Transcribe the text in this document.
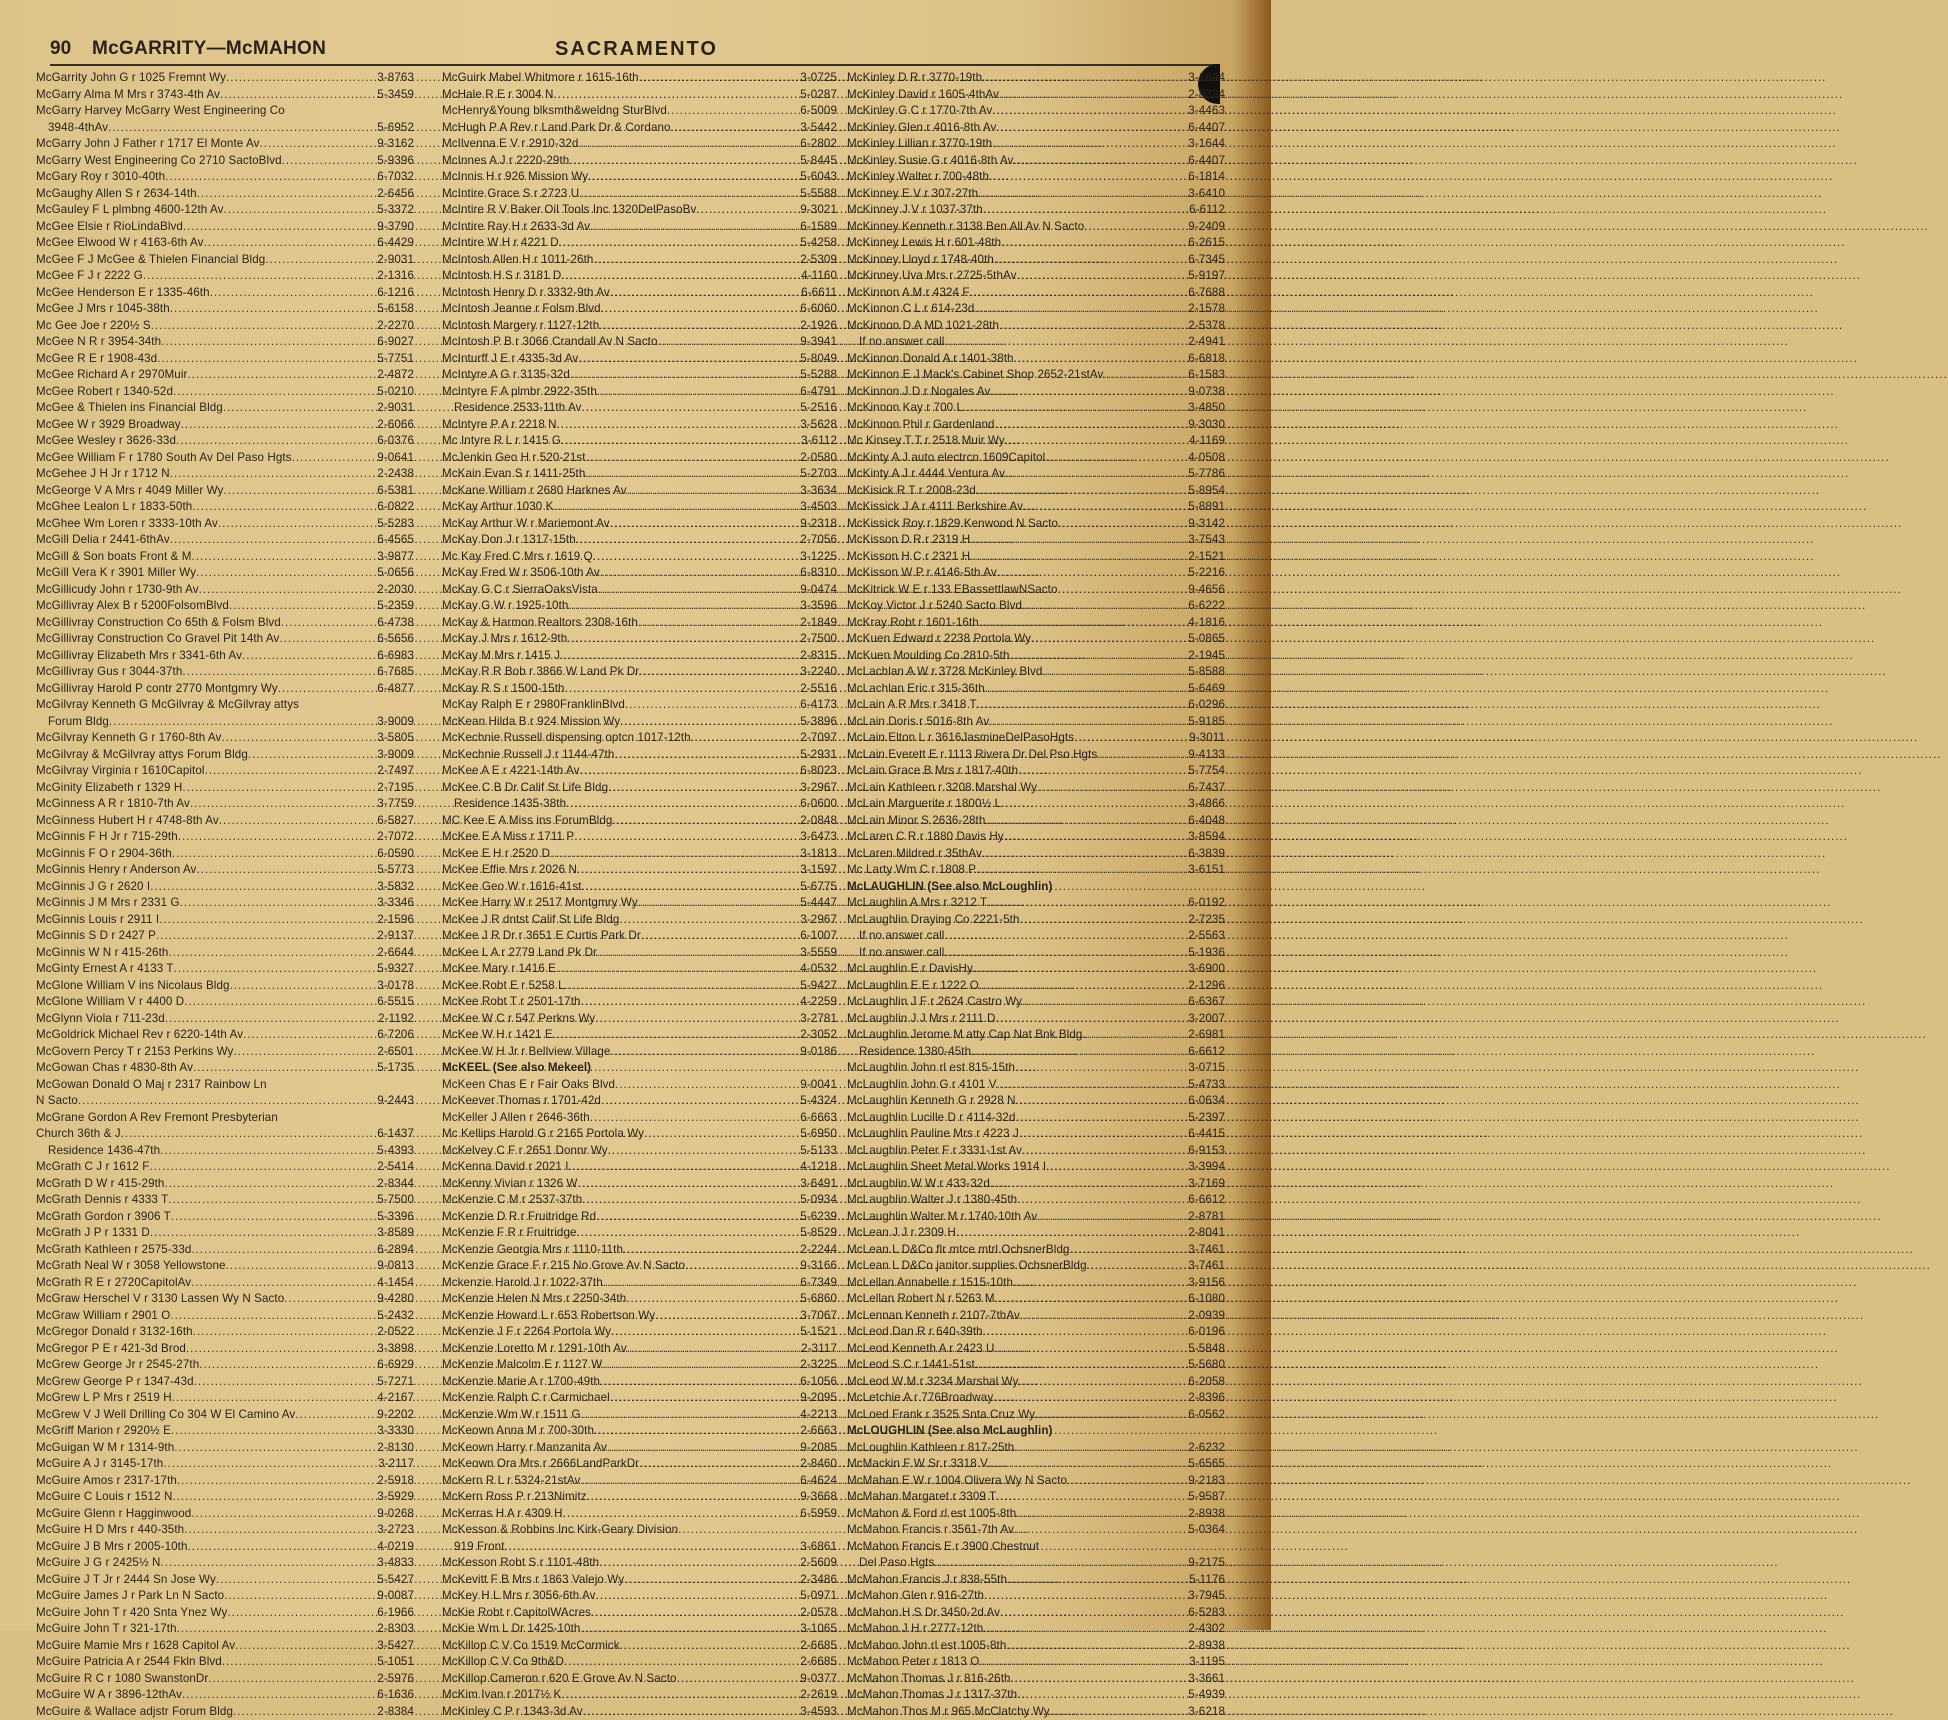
90 McGARRITY—McMAHON	SACRAMENTO
McGarrity John G r 1025 Fremnt Wy .....	3-8763
McGarry Alma M Mrs r 3743-4th Av .....	5-3459
McGarry Harvey McGarry West Engineering Co
3948-4thAv .....	5-6952
McGarry John J Father r 1717 El Monte Av .....	9-3162
McGarry West Engineering Co 2710 SactoBlvd .....	5-9396
McGary Roy r 3010-40th .....	6-7032
McGaughy Allen S r 2634-14th .....	2-6456
McGauley F L plmbng 4600-12th Av .....	5-3372
McGee Elsie r RioLindaBlvd .....	9-3790
McGee Elwood W r 4163-6th Av .....	6-4429
McGee F J McGee & Thielen Financial Bldg .....	2-9031
McGee F J r 2222 G .....	2-1316
McGee Henderson E r 1335-46th .....	6-1216
McGee J Mrs r 1045-38th .....	5-6158
Mc Gee Joe r 220½ S .....	2-2270
McGee N R r 3954-34th .....	6-9027
McGee R E r 1908-43d .....	5-7751
McGee Richard A r 2970Muir .....	2-4872
McGee Robert r 1340-52d .....	5-0210
McGee & Thielen ins Financial Bldg .....	2-9031
McGee W r 3929 Broadway .....	2-6066
McGee Wesley r 3626-33d .....	6-0376
McGee William F r 1780 South Av Del Paso Hgts .....	9-0641
McGehee J H Jr r 1712 N .....	2-2438
McGeorge V A Mrs r 4049 Miller Wy .....	6-5381
McGhee Lealon L r 1833-50th .....	6-0822
McGhee Wm Loren r 3333-10th Av .....	5-5283
McGill Delia r 2441-6thAv .....	6-4565
McGill & Son boats Front & M .....	3-9877
McGill Vera K r 3901 Miller Wy .....	5-0656
McGillicudy John r 1730-9th Av .....	2-2030
McGillivray Alex B r 5200FolsomBlvd .....	5-2359
McGillivray Construction Co 65th & Folsm Blvd .....	6-4738
McGillivray Construction Co Gravel Pit 14th Av .....	6-5656
McGillivray Elizabeth Mrs r 3341-6th Av .....	6-6983
McGillivray Gus r 3044-37th .....	6-7685
McGillivray Harold P contr 2770 Montgmry Wy .....	6-4877
McGilvray Kenneth G McGilvray & McGilvray attys
Forum Bldg .....	3-9009
McGilvray Kenneth G r 1760-8th Av .....	3-5805
McGilvray & McGilvray attys Forum Bldg .....	3-9009
McGilvray Virginia r 1610Capitol .....	2-7497
McGinity Elizabeth r 1329 H .....	2-7195
McGinness A R r 1810-7th Av .....	3-7759
McGinness Hubert H r 4748-8th Av .....	6-5827
McGinnis F H Jr r 715-29th .....	2-7072
McGinnis F O r 2904-36th .....	6-0590
McGinnis Henry r Anderson Av .....	5-5773
McGinnis J G r 2620 I .....	3-5832
McGinnis J M Mrs r 2331 G .....	3-3346
McGinnis Louis r 2911 I .....	2-1596
McGinnis S D r 2427 P .....	2-9137
McGinnis W N r 415-26th .....	2-6644
McGinty Ernest A r 4133 T .....	5-9327
McGlone William V ins Nicolaus Bldg .....	3-0178
McGlone William V r 4400 D .....	6-5515
McGlynn Viola r 711-23d .....	2-1192
McGoldrick Michael Rev r 6220-14th Av .....	6-7206
McGovern Percy T r 2153 Perkins Wy .....	2-6501
McGowan Chas r 4830-8th Av .....	5-1735
McGowan Donald O Maj r 2317 Rainbow Ln
N Sacto .....	9-2443
McGrane Gordon A Rev Fremont Presbyterian
Church 36th & J .....	6-1437
Residence 1436-47th .....	5-4393
McGrath C J r 1612 F .....	2-5414
McGrath D W r 415-29th .....	2-8344
McGrath Dennis r 4333 T .....	5-7500
McGrath Gordon r 3906 T .....	5-3396
McGrath J P r 1331 D .....	3-8589
McGrath Kathleen r 2575-33d .....	6-2894
McGrath Neal W r 3058 Yellowstone .....	9-0813
McGrath R E r 2720CapitolAv .....	4-1454
McGraw Herschel V r 3130 Lassen Wy N Sacto .....	9-4280
McGraw William r 2901 O .....	5-2432
McGregor Donald r 3132-16th .....	2-0522
McGregor P E r 421-3d Brod .....	3-3898
McGrew George Jr r 2545-27th .....	6-6929
McGrew George P r 1347-43d .....	5-7271
McGrew L P Mrs r 2519 H .....	4-2167
McGrew V J Well Drilling Co 304 W El Camino Av .....	9-2202
McGriff Marion r 2920½ E .....	3-3330
McGuigan W M r 1314-9th .....	2-8130
McGuire A J r 3145-17th .....	3-2117
McGuire Amos r 2317-17th .....	2-5918
McGuire C Louis r 1512 N .....	3-5929
McGuire Glenn r Hagginwood .....	9-0268
McGuire H D Mrs r 440-35th .....	3-2723
McGuire J B Mrs r 2005-10th .....	4-0219
McGuire J G r 2425½ N .....	3-4833
McGuire J T Jr r 2444 Sn Jose Wy .....	5-5427
McGuire James J r Park Ln N Sacto .....	9-0087
McGuire John T r 420 Snta Ynez Wy .....	6-1966
McGuire John T r 321-17th .....	2-8303
McGuire Mamie Mrs r 1628 Capitol Av .....	3-5427
McGuire Patricia A r 2544 Fkln Blvd .....	5-1051
McGuire R C r 1080 SwanstonDr .....	2-5976
McGuire W A r 3896-12thAv .....	6-1636
McGuire & Wallace adjstr Forum Bldg .....	2-8384
McGuirk Mabel Whitmore r 1615-16th .....	3-0725
McHale R E r 3004 N .....	5-0287
McHenry&Young blksmth&weldng SturBlvd .....	6-5009
McHugh P A Rev r Land Park Dr & Cordano .....	3-5442
McIlvenna E V r 2910-32d .....	6-2802
McInnes A J r 2220-29th .....	5-8445
McInnis H r 926 Mission Wy .....	5-6043
McIntire Grace S r 2723 U .....	5-5588
McIntire R V Baker Oil Tools Inc 1320DelPasoBv .....	9-3021
McIntire Ray H r 2633-3d Av .....	6-1589
McIntire W H r 4221 D .....	5-4258
McIntosh Allen H r 1011-26th .....	2-5309
McIntosh H S r 3181 D .....	4-1160
McIntosh Henry D r 3332-9th Av .....	6-6611
McIntosh Jeanne r Folsm Blvd .....	6-6060
McIntosh Margery r 1127-12th .....	2-1926
McIntosh P B r 3066 Crandall Av N Sacto .....	9-3941
McInturff J E r 4335-3d Av .....	5-8049
McIntyre A G r 3135-32d .....	5-5288
McIntyre F A plmbr 2922-35th .....	6-4791
Residence 2533-11th Av .....	5-2516
McIntyre P A r 2218 N .....	3-5628
Mc Intyre R L r 1415 G .....	3-6112
McJenkin Geo H r 520-21st .....	2-0580
McKain Evan S r 1411-25th .....	5-2703
McKane William r 2680 Harknes Av .....	3-3634
McKay Arthur 1030 K .....	3-4503
McKay Arthur W r Mariemont Av .....	9-2318
McKay Don J r 1317-15th .....	2-7056
Mc Kay Fred C Mrs r 1619 Q .....	3-1225
McKay Fred W r 3506-10th Av .....	6-8310
McKay G C r SierraOaksVista .....	9-0474
McKay G W r 1925-10th .....	3-3596
McKay & Harmon Realtors 2308-16th .....	2-1849
McKay J Mrs r 1612-9th .....	2-7500
McKay M Mrs r 1415 J .....	2-8315
McKay R R Bob r 3866 W Land Pk Dr .....	3-2240
McKay R S r 1500-15th .....	2-5516
McKay Ralph E r 2980FranklinBlvd .....	6-4173
McKean Hilda B r 924 Mission Wy .....	5-3896
McKechnie Russell dispensing optcn 1017-12th .....	2-7097
McKechnie Russell J r 1144-47th .....	5-2931
McKee A E r 4221-14th Av .....	6-8023
McKee C B Dr Calif St Life Bldg .....	3-2967
Residence 1435-38th .....	6-0600
MC Kee E A Miss ins ForumBldg .....	2-0848
McKee E A Miss r 1711 P .....	3-6473
McKee E H r 2520 D .....	3-1813
McKee Effie Mrs r 2026 N .....	3-1597
McKee Geo W r 1616-41st .....	5-6775
McKee Harry W r 2517 Montgmry Wy .....	5-4447
McKee J R dntst Calif St Life Bldg .....	3-2967
McKee J R Dr r 3651 E Curtis Park Dr .....	6-1007
McKee L A r 2779 Land Pk Dr .....	3-5559
McKee Mary r 1416 E .....	4-0532
McKee Robt E r 5258 L .....	5-9427
McKee Robt T r 2501-17th .....	4-2259
McKee W C r 547 Perkns Wy .....	3-2781
McKee W H r 1421 E .....	2-3052
McKee W H Jr r Bellview Village .....	9-0186
McKEEL (See also Mekeel)
McKeen Chas E r Fair Oaks Blvd .....	9-0041
McKeever Thomas r 1701-42d .....	5-4324
McKeller J Allen r 2646-36th .....	6-6663
Mc Kellips Harold G r 2165 Portola Wy .....	5-6950
McKelvey C F r 2651 Donnr Wy .....	5-5133
McKenna David r 2021 I .....	4-1218
McKenny Vivian r 1326 W .....	3-6491
McKenzie C M r 2537-37th .....	5-0934
McKenzie D R r Fruitridge Rd .....	5-6239
McKenzie F R r Fruitridge .....	5-8529
McKenzie Georgia Mrs r 1110-11th .....	2-2244
McKenzie Grace F r 215 No Grove Av N Sacto .....	9-3166
Mckenzie Harold J r 1022-37th .....	6-7349
McKenzie Helen N Mrs r 2250-34th .....	5-6860
McKenzie Howard L r 653 Robertson Wy .....	3-7067
McKenzie J F r 2264 Portola Wy .....	5-1521
McKenzie Loretto M r 1291-10th Av .....	2-3117
McKenzie Malcolm E r 1127 W .....	2-3225
McKenzie Marie A r 1700-49th .....	6-1056
McKenzie Ralph C r Carmichael .....	9-2095
McKenzie Wm W r 1511 G .....	4-2213
McKeown Anna M r 700-30th .....	2-6663
McKeown Harry r Manzanita Av .....	9-2085
McKeown Ora Mrs r 2666LandParkDr .....	2-8460
McKern R L r 5324-21stAv .....	6-4624
McKern Ross P r 213Nimitz .....	9-3668
McKerras H A r 4309 H .....	6-5959
McKesson & Robbins Inc Kirk-Geary Division
919 Front .....	3-6861
McKesson Robt S r 1101-48th .....	2-5609
McKevitt F B Mrs r 1863 Valejo Wy .....	2-3486
McKey H L Mrs r 3056-6th Av .....	5-0971
McKie Robt r CapitolWAcres .....	2-0578
McKie Wm L Dr 1425-10th .....	3-1065
McKillop C V Co 1519 McCormick .....	2-6685
McKillop C V Co 9th&D .....	2-6685
McKillop Cameron r 620 E Grove Av N Sacto .....	9-0377
McKim Ivan r 2017½ K .....	2-2619
McKinley C P r 1343-3d Av .....	3-4593
McKinley D R r 3770-19th .....	3-1644
McKinley David r 1605-4thAv .....	2-8324
McKinley G C r 1770-7th Av .....	3-4463
McKinley Glen r 4016-8th Av .....	6-4407
McKinley Lillian r 3770-19th .....	3-1644
McKinley Susie G r 4016-8th Av .....	6-4407
McKinley Walter r 700-48th .....	6-1814
McKinney E V r 307-27th .....	3-6410
McKinney J V r 1037-37th .....	6-6112
McKinney Kenneth r 3138 Ben All Av N Sacto .....	9-2409
McKinney Lewis H r 601-48th .....	6-2615
McKinney Lloyd r 1748-40th .....	6-7345
McKinney Uva Mrs r 2725-5thAv .....	5-9197
McKinnon A M r 4324 F .....	6-7688
McKinnon C L r 614-23d .....	2-1578
McKinnon D A MD 1021-28th .....	2-5378
If no answer call .....	2-4941
McKinnon Donald A r 1401-38th .....	6-6818
McKinnon E J Mack's Cabinet Shop 2652-21stAv .....	6-1583
McKinnon J D r Nogales Av .....	9-0738
McKinnon Kay r 700 L .....	3-4850
McKinnon Phil r Gardenland .....	9-3030
Mc Kinsey T T r 2518 Muir Wy .....	4-1169
McKinty A J auto electrcn 1609Capitol .....	4-0508
McKinty A J r 4444 Ventura Av .....	5-7786
McKisick R T r 2008-23d .....	5-8954
McKissick J A r 4111 Berkshire Av .....	5-8891
McKissick Roy r 1829 Kenwood N Sacto .....	9-3142
McKisson D R r 2319 H .....	3-7543
McKisson H C r 2321 H .....	2-1521
McKisson W P r 4146-5th Av .....	5-2216
McKitrick W E r 133 EBassettlawNSacto .....	9-4656
McKoy Victor J r 5240 Sacto Blvd .....	6-6222
McKray Robt r 1601-16th .....	4-1816
McKuen Edward r 2238 Portola Wy .....	5-0865
McKuen Moulding Co 2810-5th .....	2-1945
McLachlan A W r 3728 McKinley Blvd .....	5-8588
McLachlan Eric r 315-36th .....	5-6469
McLain A R Mrs r 3418 T .....	6-0296
McLain Doris r 5016-8th Av .....	5-9185
McLain Elton L r 3616JasmineDelPasoHgts .....	9-3011
McLain Everett E r 1113 Rivera Dr Del Pso Hgts .....	9-4133
McLain Grace B Mrs r 1817-40th .....	5-7754
McLain Kathleen r 3208 Marshal Wy .....	6-7437
McLain Marguerite r 1800½ L .....	3-4866
McLain Minor S 2636-28th .....	6-4048
McLaren C R r 1880 Davis Hy .....	3-8594
McLaren Mildred r 35thAv .....	6-3839
Mc Larty Wm C r 1808 P .....	3-6151
McLAUGHLIN (See also McLoughlin)
McLaughlin A Mrs r 3212 T .....	6-0192
McLaughlin Draying Co 2221-5th .....	2-7235
If no answer call .....	2-5563
If no answer call .....	5-1936
McLaughlin E r DavisHy .....	3-6900
McLaughlin E E r 1222 O .....	2-1296
McLaughlin J F r 2624 Castro Wy .....	6-6367
McLaughlin J J Mrs r 2111 D .....	3-2007
McLaughlin Jerome M atty Cap Nat Bnk Bldg .....	2-6981
Residence 1380-45th .....	6-6612
McLaughlin John rl est 815-15th .....	3-0715
McLaughlin John G r 4101 V .....	5-4733
McLaughlin Kenneth G r 2928 N .....	6-0634
McLaughlin Lucille D r 4114-32d .....	5-2397
McLaughlin Pauline Mrs r 4223 J .....	6-4415
McLaughlin Peter F r 3331-1st Av .....	6-9153
McLaughlin Sheet Metal Works 1914 I .....	3-3994
McLaughlin W W r 433-32d .....	3-7169
McLaughlin Walter J r 1380-45th .....	6-6612
McLaughlin Walter M r 1740-10th Av .....	2-8781
McLean J J r 2309 H .....	2-8041
McLean L D&Co flr mtce mtrl OchsnerBldg .....	3-7461
McLean L D&Co janitor supplies OchsnerBldg .....	3-7461
McLellan Annabelle r 1515-10th .....	3-9156
McLellan Robert N r 5263 M .....	6-1080
McLennan Kenneth r 2107-7thAv .....	2-0939
McLeod Dan R r 640-39th .....	6-0196
McLeod Kenneth A r 2423 U .....	5-5848
McLeod S C r 1441-51st .....	5-5680
McLeod W M r 3234 Marshal Wy .....	6-2058
McLetchie A r 776Broadway .....	2-8396
McLoed Frank r 3525 Snta Cruz Wy .....	6-0562
McLOUGHLIN (See also McLaughlin)
McLoughlin Kathleen r 817-25th .....	2-6232
McMackin F W Sr r 3318 V .....	5-6565
McMahan E W r 1004 Olivera Wy N Sacto .....	9-2183
McMahan Margaret r 3309 T .....	5-9587
McMahon & Ford rl est 1005-8th .....	2-8938
McMahon Francis r 3561-7th Av .....	5-0364
McMahon Francis E r 3900 Chestnut
Del Paso Hgts .....	9-2175
McMahon Francis J r 838-55th .....	5-1176
McMahon Glen r 916-27th .....	3-7945
McMahon H S Dr 3450-2d Av .....	6-5283
McMahon J H r 2777-12th .....	2-4302
McMahon John rl est 1005-8th .....	2-8938
McMahon Peter r 1813 O .....	3-1195
McMahon Thomas J r 816-26th .....	3-3661
McMahon Thomas J r 1317-37th .....	5-4939
McMahon Thos M r 965 McClatchy Wy .....	3-6218
